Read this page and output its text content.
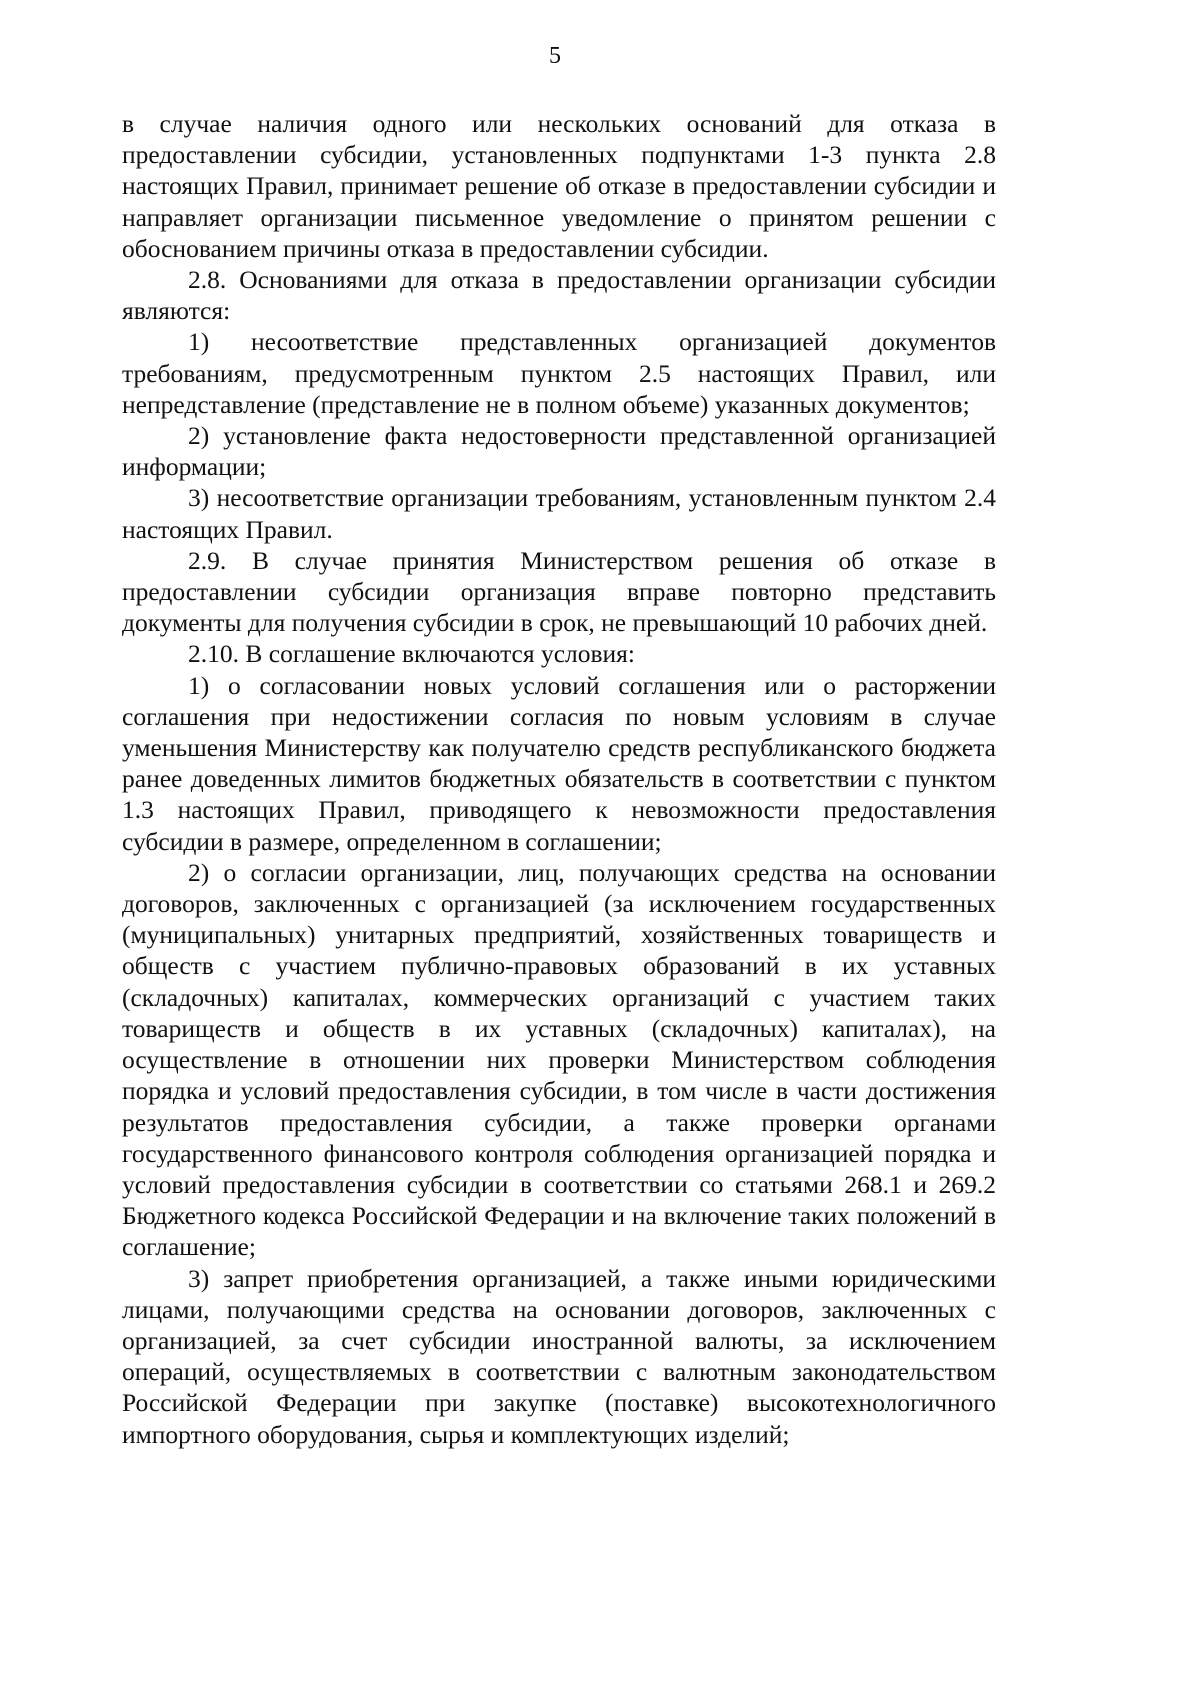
5

в случае наличия одного или нескольких оснований для отказа в предоставлении субсидии, установленных подпунктами 1-3 пункта 2.8 настоящих Правил, принимает решение об отказе в предоставлении субсидии и направляет организации письменное уведомление о принятом решении с обоснованием причины отказа в предоставлении субсидии.

2.8. Основаниями для отказа в предоставлении организации субсидии являются:

1) несоответствие представленных организацией документов требованиям, предусмотренным пунктом 2.5 настоящих Правил, или непредставление (представление не в полном объеме) указанных документов;

2) установление факта недостоверности представленной организацией информации;

3) несоответствие организации требованиям, установленным пунктом 2.4 настоящих Правил.

2.9. В случае принятия Министерством решения об отказе в предоставлении субсидии организация вправе повторно представить документы для получения субсидии в срок, не превышающий 10 рабочих дней.

2.10. В соглашение включаются условия:

1) о согласовании новых условий соглашения или о расторжении соглашения при недостижении согласия по новым условиям в случае уменьшения Министерству как получателю средств республиканского бюджета ранее доведенных лимитов бюджетных обязательств в соответствии с пунктом 1.3 настоящих Правил, приводящего к невозможности предоставления субсидии в размере, определенном в соглашении;

2) о согласии организации, лиц, получающих средства на основании договоров, заключенных с организацией (за исключением государственных (муниципальных) унитарных предприятий, хозяйственных товариществ и обществ с участием публично-правовых образований в их уставных (складочных) капиталах, коммерческих организаций с участием таких товариществ и обществ в их уставных (складочных) капиталах), на осуществление в отношении них проверки Министерством соблюдения порядка и условий предоставления субсидии, в том числе в части достижения результатов предоставления субсидии, а также проверки органами государственного финансового контроля соблюдения организацией порядка и условий предоставления субсидии в соответствии со статьями 268.1 и 269.2 Бюджетного кодекса Российской Федерации и на включение таких положений в соглашение;

3) запрет приобретения организацией, а также иными юридическими лицами, получающими средства на основании договоров, заключенных с организацией, за счет субсидии иностранной валюты, за исключением операций, осуществляемых в соответствии с валютным законодательством Российской Федерации при закупке (поставке) высокотехнологичного импортного оборудования, сырья и комплектующих изделий;
